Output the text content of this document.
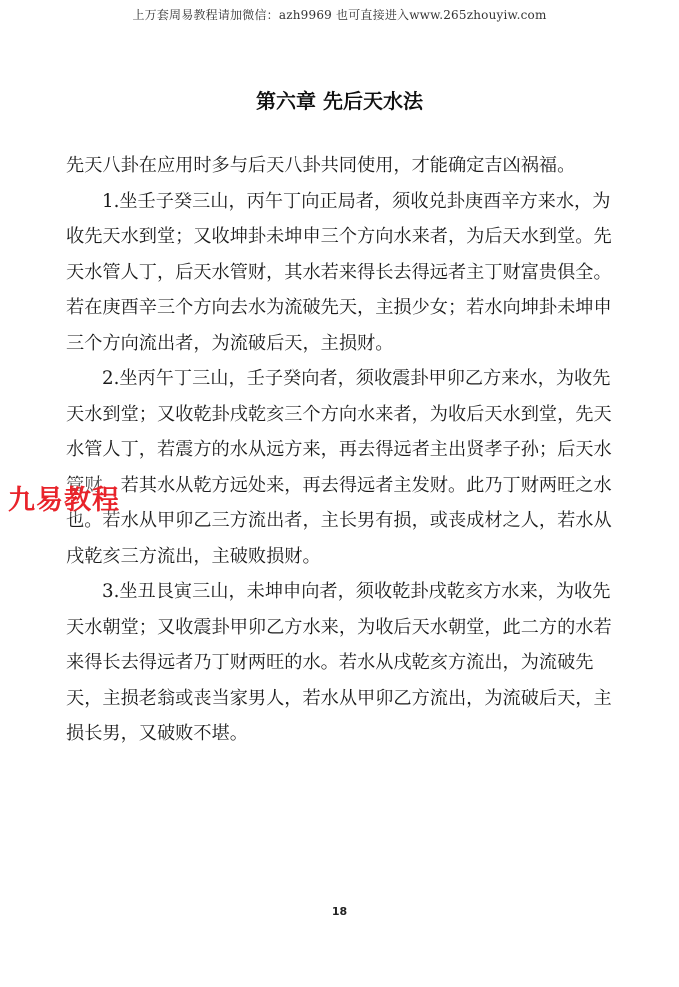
上万套周易教程请加微信：azh9969 也可直接进入www.265zhouyiw.com
第六章 先后天水法

先天八卦在应用时多与后天八卦共同使用，才能确定吉凶祸福。

1.坐壬子癸三山，丙午丁向正局者，须收兑卦庚酉辛方来水，为收先天水到堂；又收坤卦未坤申三个方向水来者，为后天水到堂。先天水管人丁，后天水管财，其水若来得长去得远者主丁财富贵俱全。若在庚酉辛三个方向去水为流破先天，主损少女；若水向坤卦未坤申三个方向流出者，为流破后天，主损财。

2.坐丙午丁三山，壬子癸向者，须收震卦甲卯乙方来水，为收先天水到堂；又收乾卦戌乾亥三个方向水来者，为收后天水到堂，先天水管人丁，若震方的水从远方来，再去得远者主出贤孝子孙；后天水管财，若其水从乾方远处来，再去得远者主发财。此乃丁财两旺之水也。若水从甲卯乙三方流出者，主长男有损，或丧成材之人，若水从戌乾亥三方流出，主破败损财。

3.坐丑艮寅三山，未坤申向者，须收乾卦戌乾亥方水来，为收先天水朝堂；又收震卦甲卯乙方水来，为收后天水朝堂，此二方的水若来得长去得远者乃丁财两旺的水。若水从戌乾亥方流出，为流破先天，主损老翁或丧当家男人，若水从甲卯乙方流出，为流破后天，主损长男，又破败不堪。

九易教程
18
